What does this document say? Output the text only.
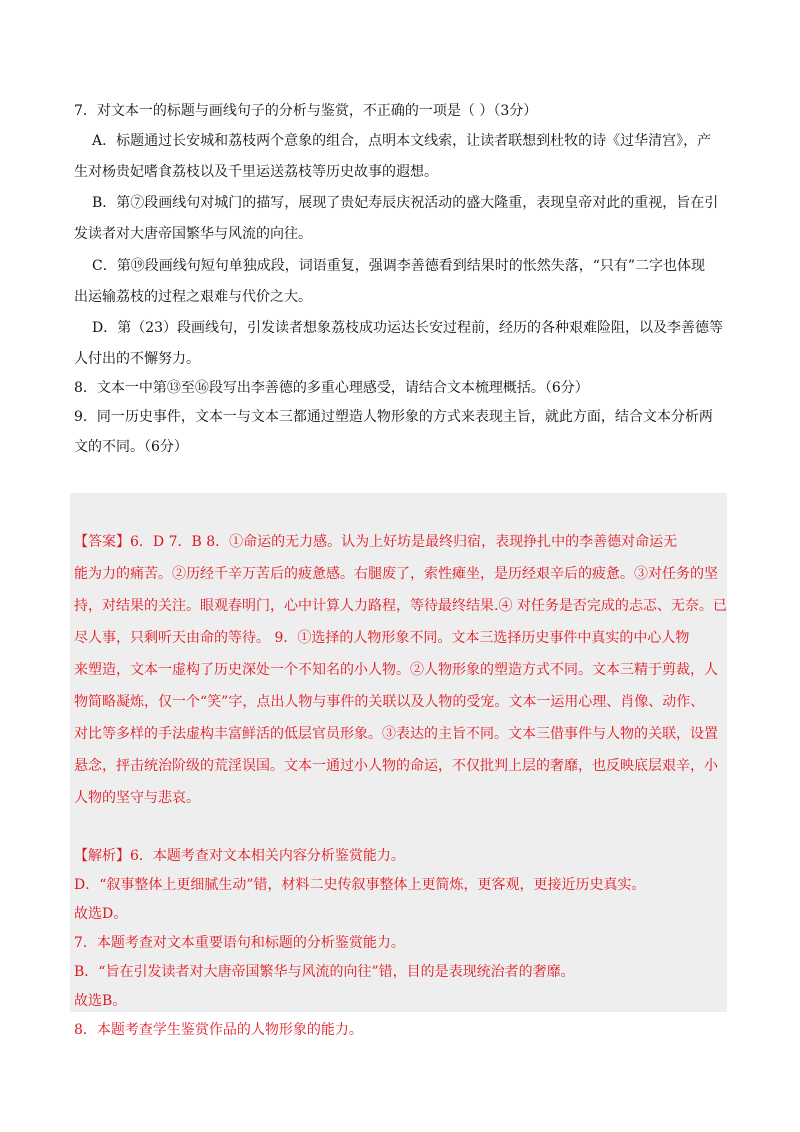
7．对文本一的标题与画线句子的分析与鉴赏，不正确的一项是（ ）（3分）
A．标题通过长安城和荔枝两个意象的组合，点明本文线索，让读者联想到杜牧的诗《过华清宫》，产
生对杨贵妃嗜食荔枝以及千里运送荔枝等历史故事的遐想。
B．第⑦段画线句对城门的描写，展现了贵妃寿辰庆祝活动的盛大隆重，表现皇帝对此的重视，旨在引
发读者对大唐帝国繁华与风流的向往。
C．第⑲段画线句短句单独成段，词语重复，强调李善德看到结果时的怅然失落，“只有”二字也体现
出运输荔枝的过程之艰难与代价之大。
D．第（23）段画线句，引发读者想象荔枝成功运达长安过程前，经历的各种艰难险阻，以及李善德等
人付出的不懈努力。
8．文本一中第⑬至⑯段写出李善德的多重心理感受，请结合文本梳理概括。（6分）
9．同一历史事件，文本一与文本三都通过塑造人物形象的方式来表现主旨，就此方面，结合文本分析两
文的不同。（6分）
【答案】6．D 7．B 8．①命运的无力感。认为上好坊是最终归宿，表现挣扎中的李善德对命运无
能为力的痛苦。②历经千辛万苦后的疲惫感。右腿废了，索性瘫坐，是历经艰辛后的疲惫。③对任务的坚
持，对结果的关注。眼观春明门，心中计算人力路程，等待最终结果.④ 对任务是否完成的忐忑、无奈。已
尽人事，只剩听天由命的等待。 9．①选择的人物形象不同。文本三选择历史事件中真实的中心人物
来塑造，文本一虚构了历史深处一个不知名的小人物。②人物形象的塑造方式不同。文本三精于剪裁，人
物简略凝炼，仅一个“笑”字，点出人物与事件的关联以及人物的受宠。文本一运用心理、肖像、动作、
对比等多样的手法虚构丰富鲜活的低层官员形象。③表达的主旨不同。文本三借事件与人物的关联，设置
悬念，抨击统治阶级的荒淫误国。文本一通过小人物的命运，不仅批判上层的奢靡，也反映底层艰辛，小
人物的坚守与悲哀。
【解析】6．本题考查对文本相关内容分析鉴赏能力。
D．“叙事整体上更细腻生动”错，材料二史传叙事整体上更简炼，更客观，更接近历史真实。
故选D。
7．本题考查对文本重要语句和标题的分析鉴赏能力。
B．“旨在引发读者对大唐帝国繁华与风流的向往”错，目的是表现统治者的奢靡。
故选B。
8．本题考查学生鉴赏作品的人物形象的能力。
